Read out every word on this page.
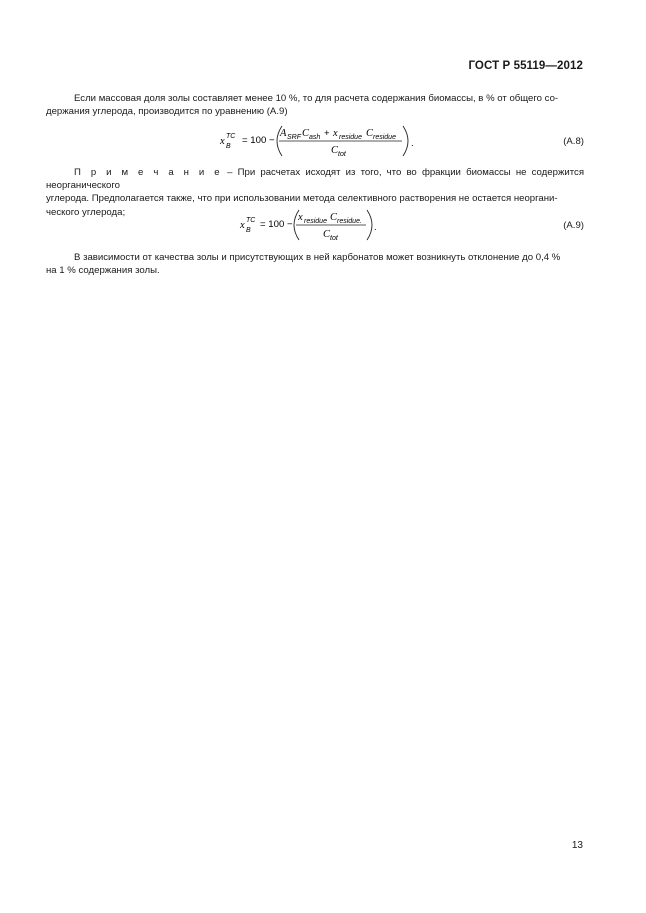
ГОСТ Р 55119—2012

Если массовая доля золы составляет менее 10 %, то для расчета содержания биомассы, в % от общего со-

держания углерода, производится по уравнению (А.9)
x TC
B
= 100 −
A SRF C ash + x residue C residue
C tot
.	(А.8)

П р и м е ч а н и е – При расчетах исходят из того, что во фракции биомассы не содержится неорганического

углерода. Предполагается также, что при использовании метода селективного растворения не остается неоргани-
ческого углерода;
x TC
B
= 100 −
x residue C residue.
C tot
.	(А.9)

В зависимости от качества золы и присутствующих в ней карбонатов может возникнуть отклонение до 0,4 %

на 1 % содержания золы.
13
